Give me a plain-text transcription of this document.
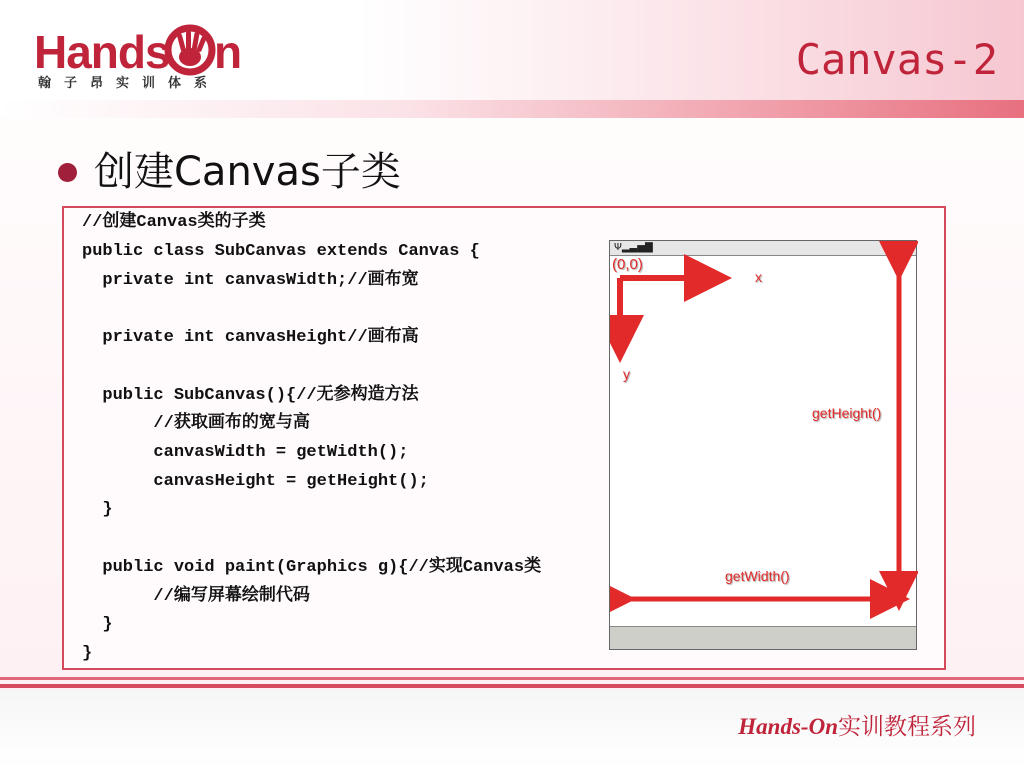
Hands n
翰子昂实训体系	Canvas-2
创建Canvas子类
//创建Canvas类的子类
public class SubCanvas extends Canvas {
private int canvasWidth;//画布宽
private int canvasHeight//画布高
public SubCanvas(){//无参构造方法
//获取画布的宽与高
canvasWidth = getWidth();
canvasHeight = getHeight();
}
public void paint(Graphics g){//实现Canvas类
//编写屏幕绘制代码
}
}
Ψ▂▃▅▇	⚙ ▭
(0,0)
x
y
getHeight()
getWidth()
Hands-On实训教程系列
